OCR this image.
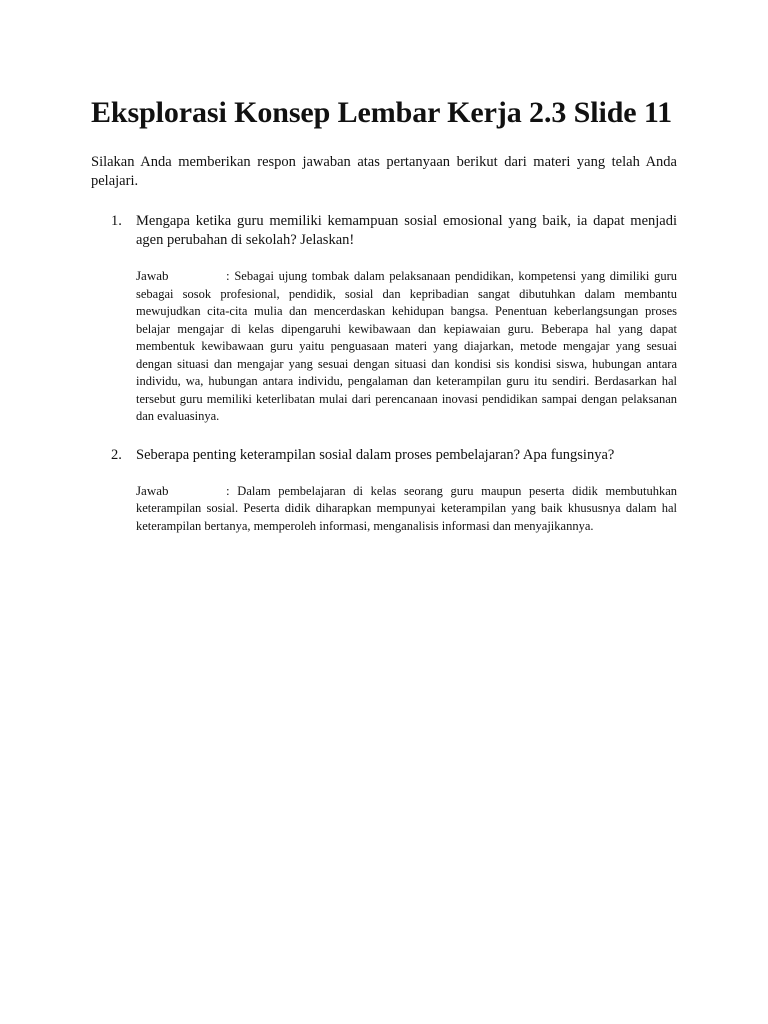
Eksplorasi Konsep Lembar Kerja 2.3 Slide 11

Silakan Anda memberikan respon jawaban atas pertanyaan berikut dari materi yang telah Anda pelajari.

1. Mengapa ketika guru memiliki kemampuan sosial emosional yang baik, ia dapat menjadi agen perubahan di sekolah? Jelaskan!

Jawab	: Sebagai ujung tombak dalam pelaksanaan pendidikan, kompetensi yang dimiliki guru sebagai sosok profesional, pendidik, sosial dan kepribadian sangat dibutuhkan dalam membantu mewujudkan cita-cita mulia dan mencerdaskan kehidupan bangsa. Penentuan keberlangsungan proses belajar mengajar di kelas dipengaruhi kewibawaan dan kepiawaian guru. Beberapa hal yang dapat membentuk kewibawaan guru yaitu penguasaan materi yang diajarkan, metode mengajar yang sesuai dengan situasi dan mengajar yang sesuai dengan situasi dan kondisi sis kondisi siswa, hubungan antara individu, wa, hubungan antara individu, pengalaman dan keterampilan guru itu sendiri. Berdasarkan hal tersebut guru memiliki keterlibatan mulai dari perencanaan inovasi pendidikan sampai dengan pelaksanan dan evaluasinya.

2. Seberapa penting keterampilan sosial dalam proses pembelajaran? Apa fungsinya?

Jawab	: Dalam pembelajaran di kelas seorang guru maupun peserta didik membutuhkan keterampilan sosial. Peserta didik diharapkan mempunyai keterampilan yang baik khususnya dalam hal keterampilan bertanya, memperoleh informasi, menganalisis informasi dan menyajikannya.
